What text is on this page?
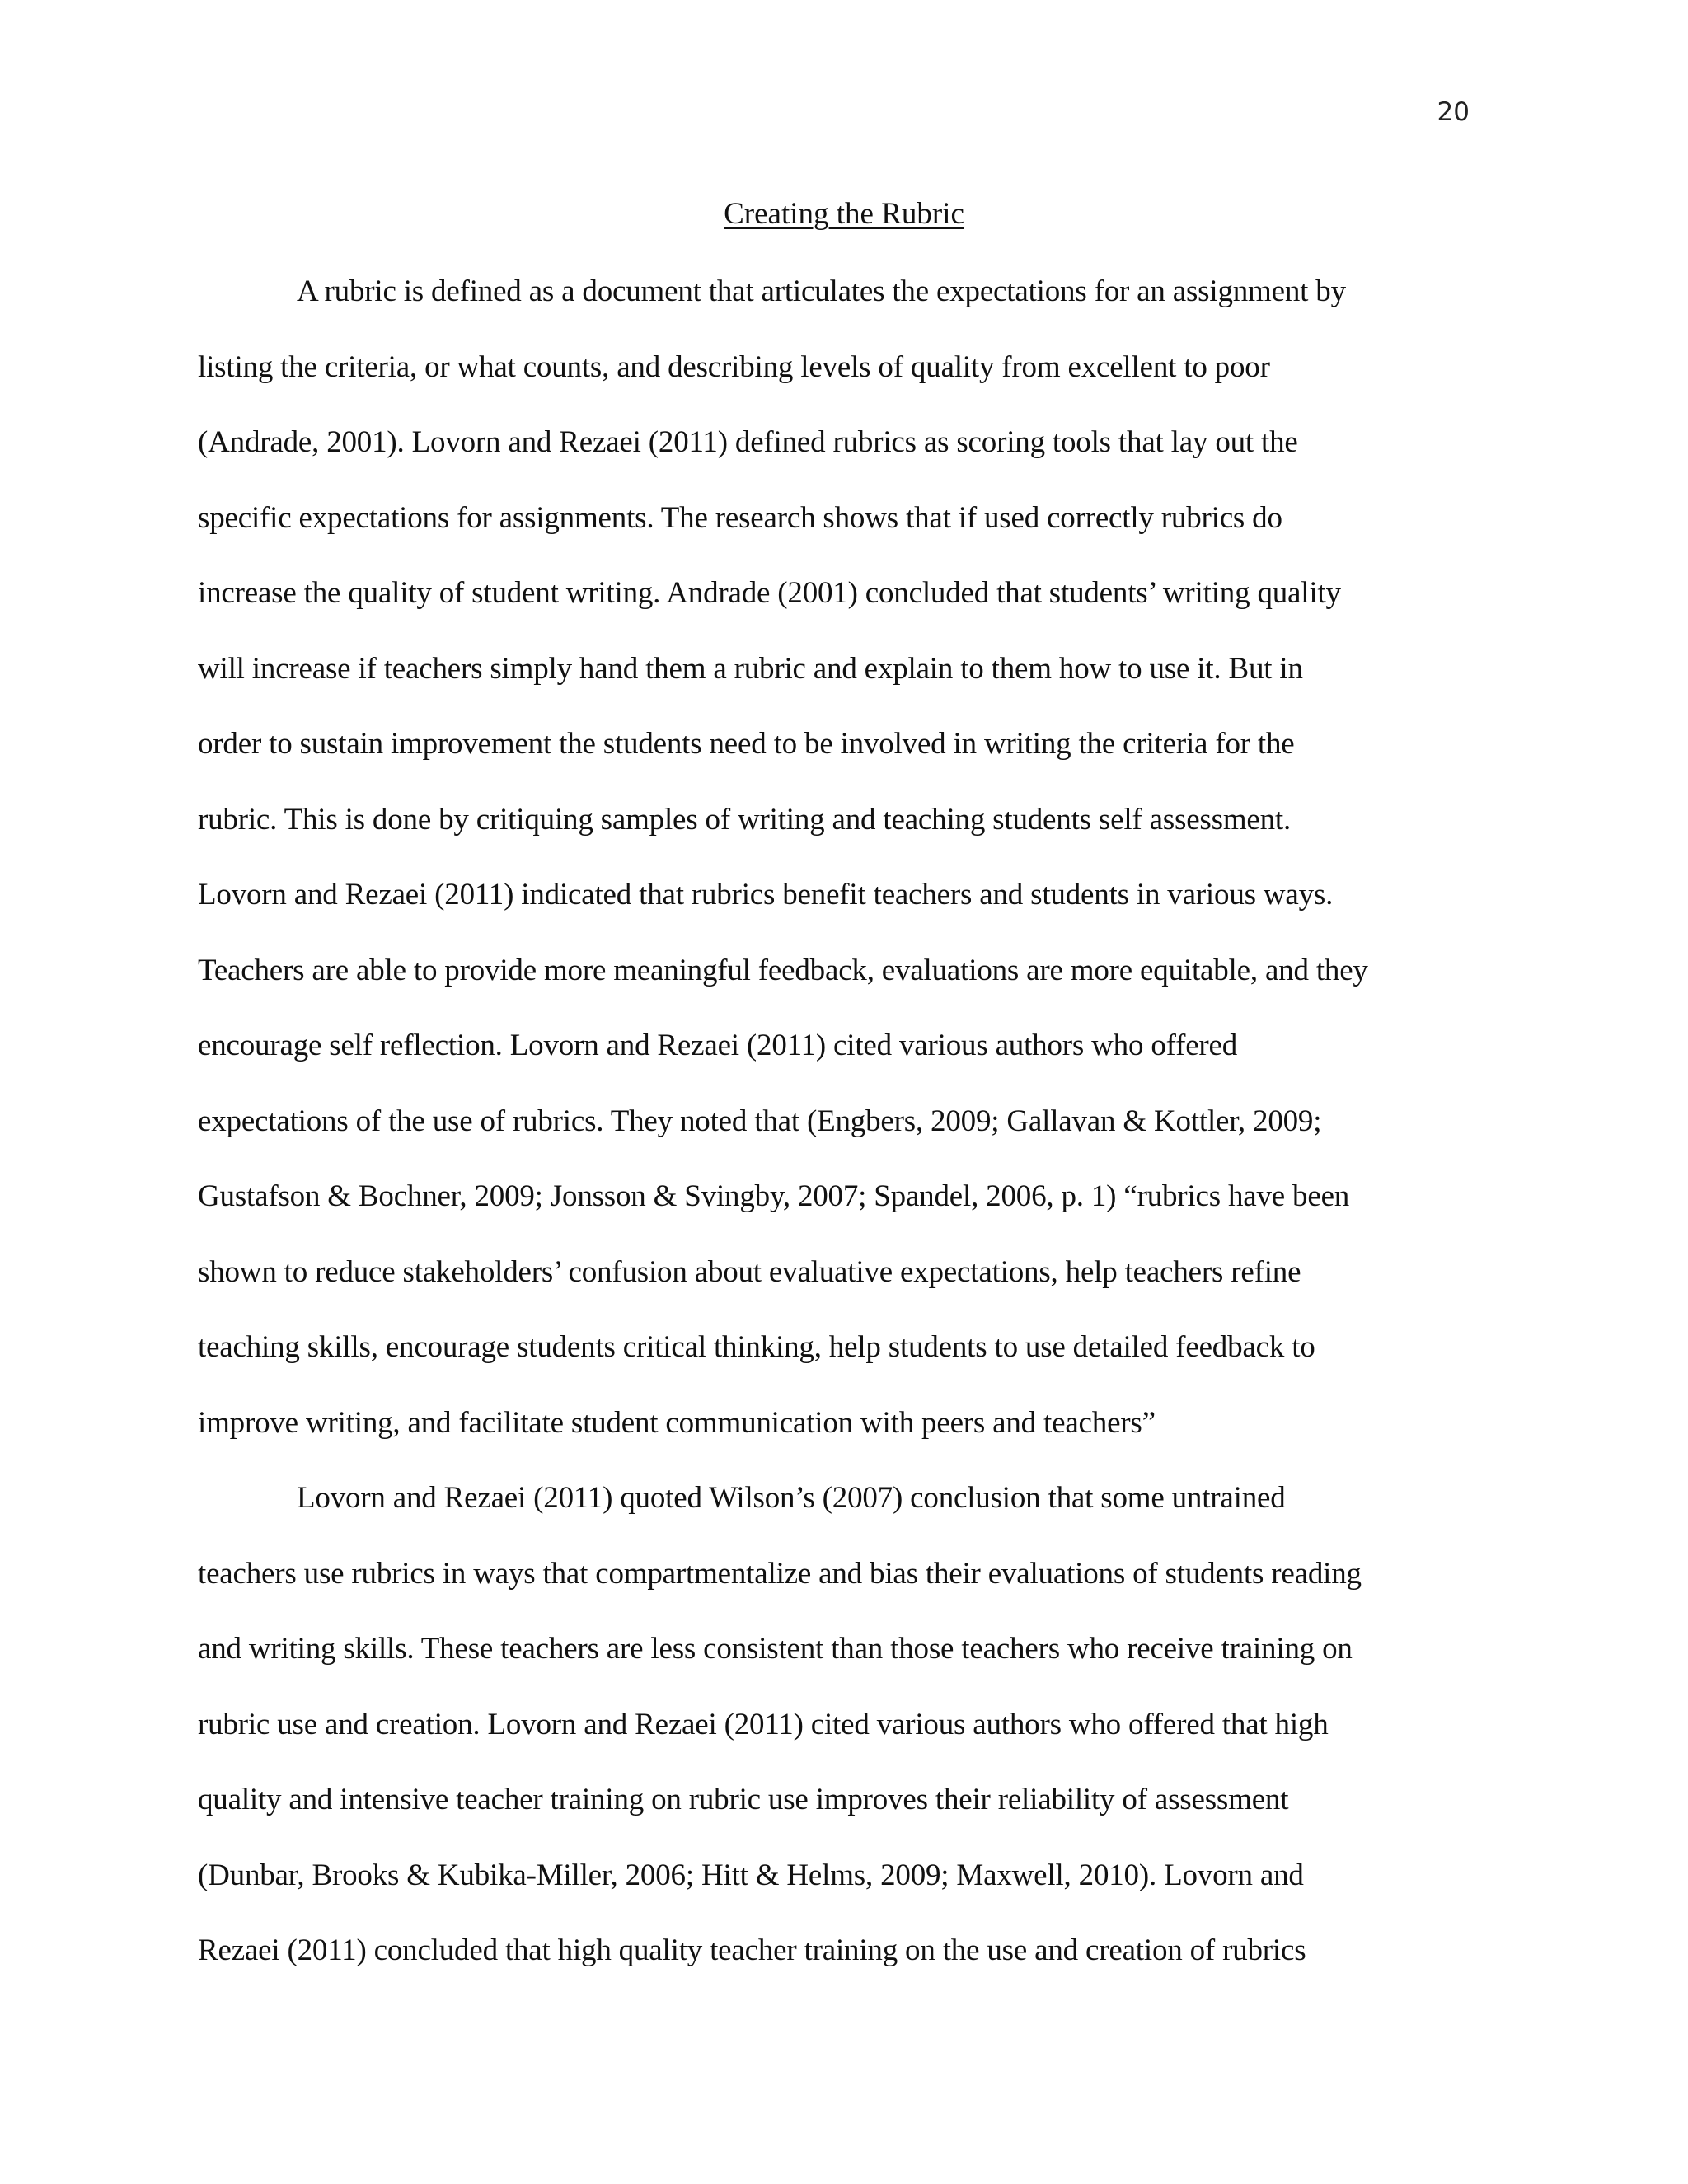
20
Creating the Rubric
A rubric is defined as a document that articulates the expectations for an assignment by
listing the criteria, or what counts, and describing levels of quality from excellent to poor
(Andrade, 2001). Lovorn and Rezaei (2011) defined rubrics as scoring tools that lay out the
specific expectations for assignments. The research shows that if used correctly rubrics do
increase the quality of student writing. Andrade (2001) concluded that students’ writing quality
will increase if teachers simply hand them a rubric and explain to them how to use it. But in
order to sustain improvement the students need to be involved in writing the criteria for the
rubric. This is done by critiquing samples of writing and teaching students self assessment.
Lovorn and Rezaei (2011) indicated that rubrics benefit teachers and students in various ways.
Teachers are able to provide more meaningful feedback, evaluations are more equitable, and they
encourage self reflection. Lovorn and Rezaei (2011) cited various authors who offered
expectations of the use of rubrics. They noted that (Engbers, 2009; Gallavan & Kottler, 2009;
Gustafson & Bochner, 2009; Jonsson & Svingby, 2007; Spandel, 2006, p. 1) “rubrics have been
shown to reduce stakeholders’ confusion about evaluative expectations, help teachers refine
teaching skills, encourage students critical thinking, help students to use detailed feedback to
improve writing, and facilitate student communication with peers and teachers”
Lovorn and Rezaei (2011) quoted Wilson’s (2007) conclusion that some untrained
teachers use rubrics in ways that compartmentalize and bias their evaluations of students reading
and writing skills. These teachers are less consistent than those teachers who receive training on
rubric use and creation. Lovorn and Rezaei (2011) cited various authors who offered that high
quality and intensive teacher training on rubric use improves their reliability of assessment
(Dunbar, Brooks & Kubika-Miller, 2006; Hitt & Helms, 2009; Maxwell, 2010). Lovorn and
Rezaei (2011) concluded that high quality teacher training on the use and creation of rubrics
